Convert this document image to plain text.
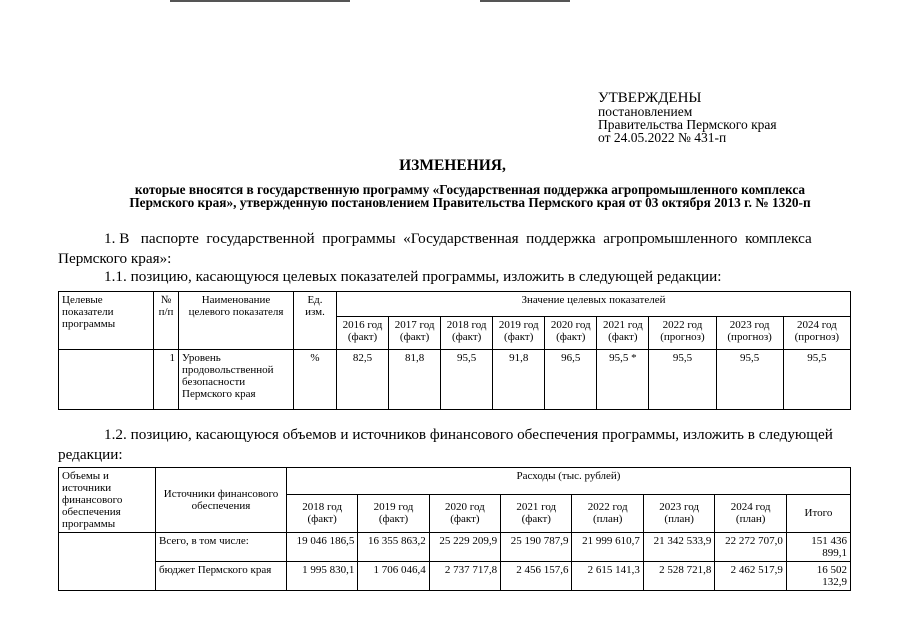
УТВЕРЖДЕНЫ
постановлением
Правительства Пермского края
от 24.05.2022 № 431-п
ИЗМЕНЕНИЯ,
которые вносятся в государственную программу «Государственная поддержка агропромышленного комплекса
Пермского края», утвержденную постановлением Правительства Пермского края от 03 октября 2013 г. № 1320-п
1. В   паспорте  государственной  программы  «Государственная  поддержка  агропромышленного  комплекса
Пермского края»:
1.1. позицию, касающуюся целевых показателей программы, изложить в следующей редакции:
Целевые показатели программы	№ п/п	Наименование целевого показателя	Ед. изм.	Значение целевых показателей								
				2016 год (факт)	2017 год (факт)	2018 год (факт)	2019 год (факт)	2020 год (факт)	2021 год (факт)	2022 год (прогноз)	2023 год (прогноз)	2024 год (прогноз)
	1	Уровень продовольственной безопасности Пермского края	%	82,5	81,8	95,5	91,8	96,5	95,5 *	95,5	95,5	95,5
1.2. позицию, касающуюся объемов и источников финансового обеспечения программы, изложить в следующей
редакции:
Объемы и источники финансового обеспечения программы	Источники финансового обеспечения	Расходы (тыс. рублей)							
		2018 год (факт)	2019 год (факт)	2020 год (факт)	2021 год (факт)	2022 год (план)	2023 год (план)	2024 год (план)	Итого
	Всего, в том числе:	19 046 186,5	16 355 863,2	25 229 209,9	25 190 787,9	21 999 610,7	21 342 533,9	22 272 707,0	151 436 899,1
	бюджет Пермского края	1 995 830,1	1 706 046,4	2 737 717,8	2 456 157,6	2 615 141,3	2 528 721,8	2 462 517,9	16 502 132,9
